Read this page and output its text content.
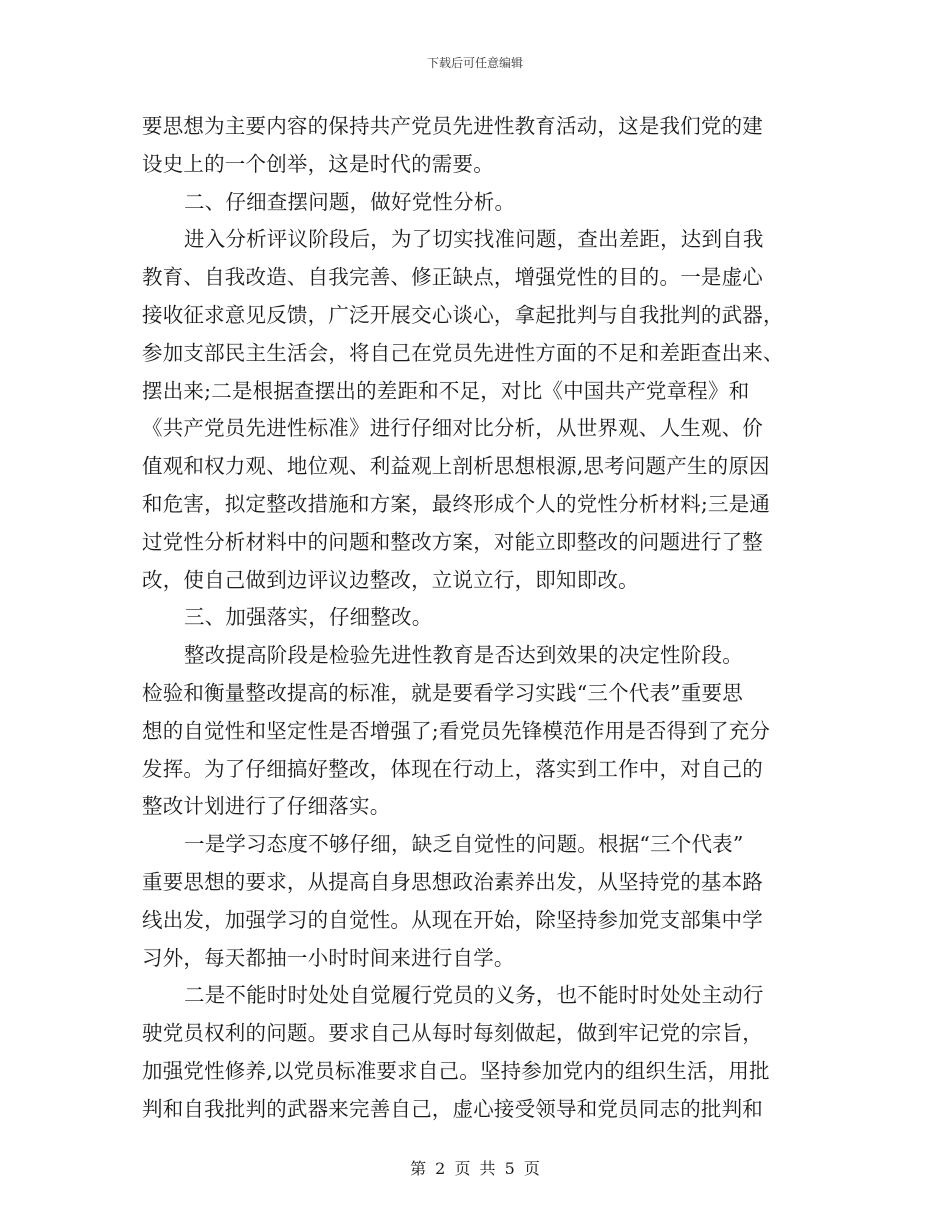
下载后可任意编辑
要思想为主要内容的保持共产党员先进性教育活动，这是我们党的建
设史上的一个创举，这是时代的需要。
二、仔细查摆问题，做好党性分析。
进入分析评议阶段后，为了切实找准问题，查出差距，达到自我
教育、自我改造、自我完善、修正缺点，增强党性的目的。一是虚心
接收征求意见反馈，广泛开展交心谈心，拿起批判与自我批判的武器，
参加支部民主生活会，将自己在党员先进性方面的不足和差距查出来、
摆出来;二是根据查摆出的差距和不足，对比《中国共产党章程》和
《共产党员先进性标准》进行仔细对比分析，从世界观、人生观、价
值观和权力观、地位观、利益观上剖析思想根源,思考问题产生的原因
和危害，拟定整改措施和方案，最终形成个人的党性分析材料;三是通
过党性分析材料中的问题和整改方案，对能立即整改的问题进行了整
改，使自己做到边评议边整改，立说立行，即知即改。
三、加强落实，仔细整改。
整改提高阶段是检验先进性教育是否达到效果的决定性阶段。
检验和衡量整改提高的标准，就是要看学习实践“三个代表”重要思
想的自觉性和坚定性是否增强了;看党员先锋模范作用是否得到了充分
发挥。为了仔细搞好整改，体现在行动上，落实到工作中，对自己的
整改计划进行了仔细落实。
一是学习态度不够仔细，缺乏自觉性的问题。根据“三个代表”
重要思想的要求，从提高自身思想政治素养出发，从坚持党的基本路
线出发，加强学习的自觉性。从现在开始，除坚持参加党支部集中学
习外，每天都抽一小时时间来进行自学。
二是不能时时处处自觉履行党员的义务，也不能时时处处主动行
驶党员权利的问题。要求自己从每时每刻做起，做到牢记党的宗旨，
加强党性修养,以党员标准要求自己。坚持参加党内的组织生活，用批
判和自我批判的武器来完善自己，虚心接受领导和党员同志的批判和
第 2 页 共 5 页
